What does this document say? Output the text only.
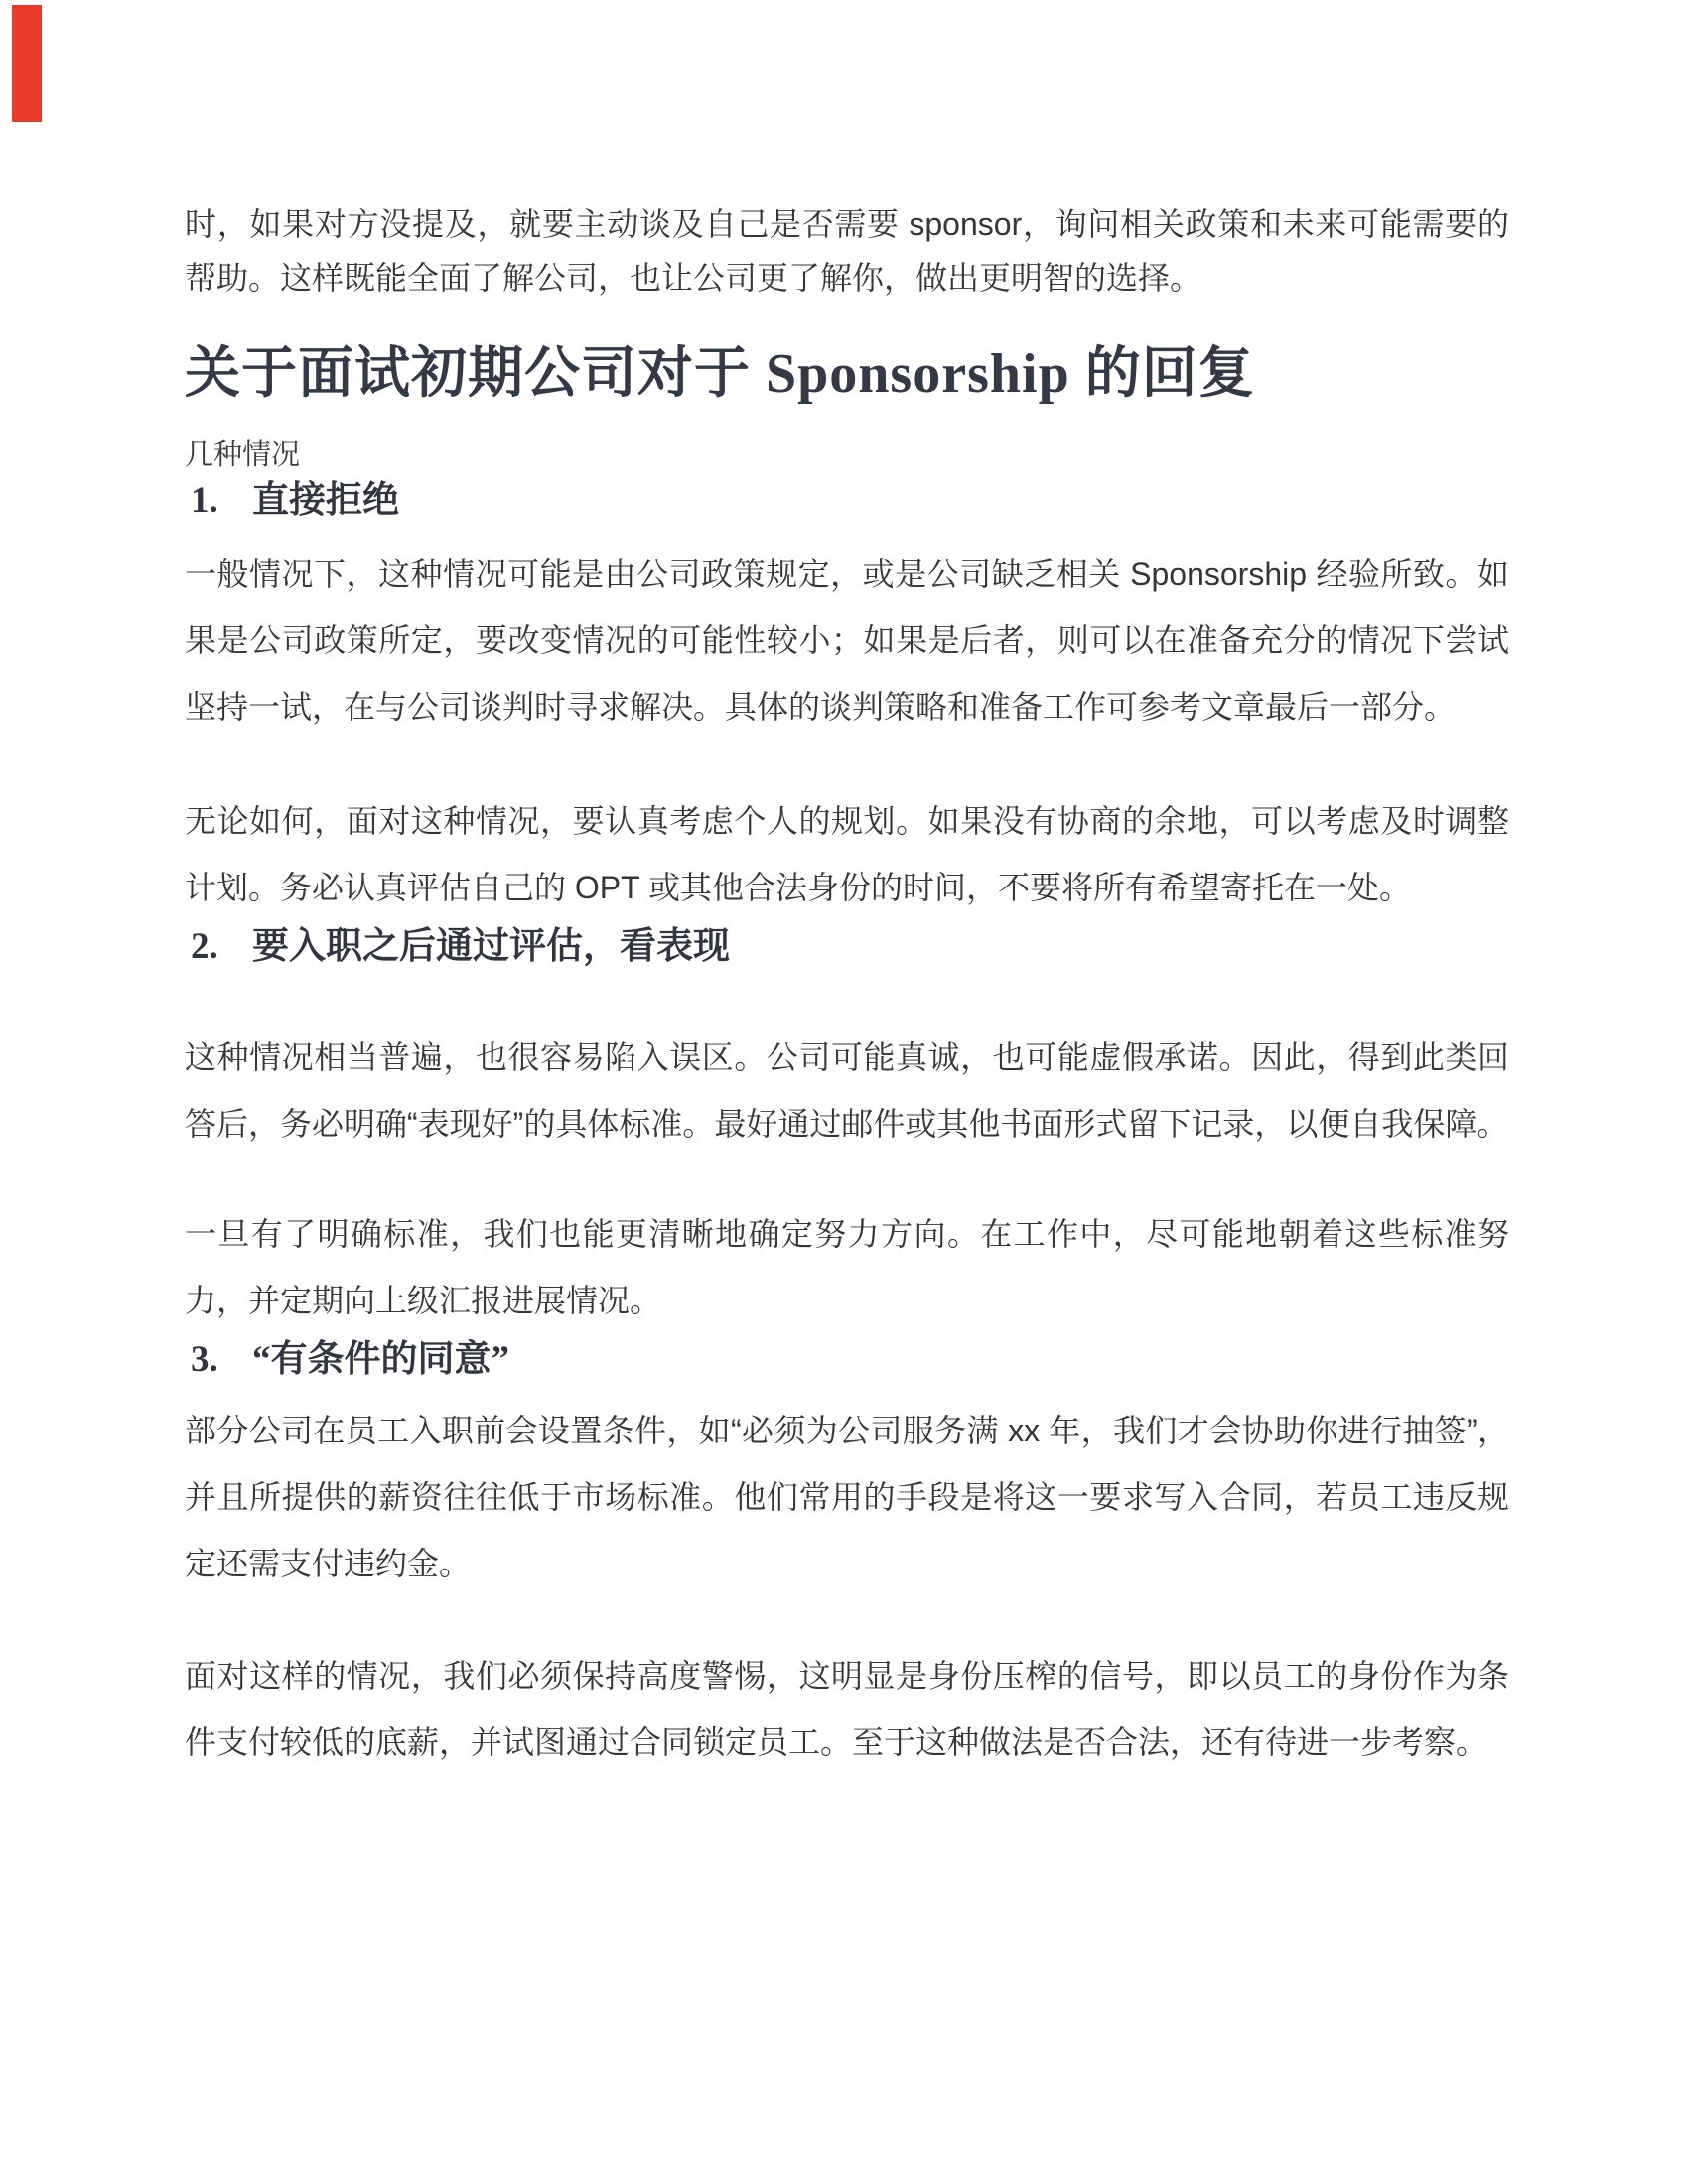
时，如果对方没提及，就要主动谈及自己是否需要 sponsor，询问相关政策和未来可能需要的帮助。这样既能全面了解公司，也让公司更了解你，做出更明智的选择。

关于面试初期公司对于 Sponsorship 的回复

几种情况

1. 直接拒绝

一般情况下，这种情况可能是由公司政策规定，或是公司缺乏相关 Sponsorship 经验所致。如果是公司政策所定，要改变情况的可能性较小；如果是后者，则可以在准备充分的情况下尝试坚持一试，在与公司谈判时寻求解决。具体的谈判策略和准备工作可参考文章最后一部分。

无论如何，面对这种情况，要认真考虑个人的规划。如果没有协商的余地，可以考虑及时调整计划。务必认真评估自己的 OPT 或其他合法身份的时间，不要将所有希望寄托在一处。

2. 要入职之后通过评估，看表现

这种情况相当普遍，也很容易陷入误区。公司可能真诚，也可能虚假承诺。因此，得到此类回答后，务必明确“表现好”的具体标准。最好通过邮件或其他书面形式留下记录，以便自我保障。

一旦有了明确标准，我们也能更清晰地确定努力方向。在工作中，尽可能地朝着这些标准努力，并定期向上级汇报进展情况。

3. “有条件的同意”

部分公司在员工入职前会设置条件，如“必须为公司服务满 xx 年，我们才会协助你进行抽签”，并且所提供的薪资往往低于市场标准。他们常用的手段是将这一要求写入合同，若员工违反规定还需支付违约金。

面对这样的情况，我们必须保持高度警惕，这明显是身份压榨的信号，即以员工的身份作为条件支付较低的底薪，并试图通过合同锁定员工。至于这种做法是否合法，还有待进一步考察。
